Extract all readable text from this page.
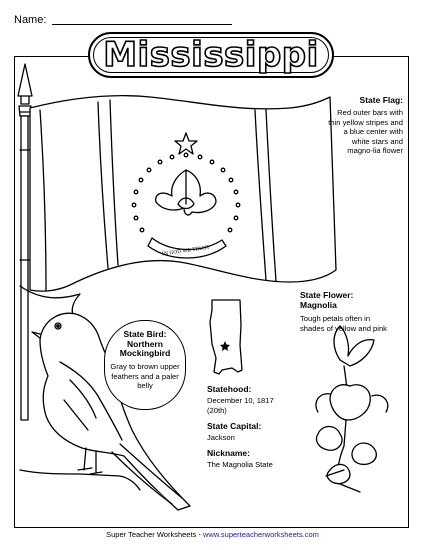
Name:
IN GOD WE TRUST
Mississippi
State Flag:
Red outer bars with thin yellow stripes and a blue center with white stars and magno-lia flower
State Flower:
Magnolia
Tough petals often in shades of yellow and pink
State Bird:
Northern
Mockingbird
Gray to brown upper feathers and a paler belly	Statehood:
December 10, 1817
(20th)
State Capital:
Jackson
Nickname:
The Magnolia State
Super Teacher Worksheets - www.superteacherworksheets.com
